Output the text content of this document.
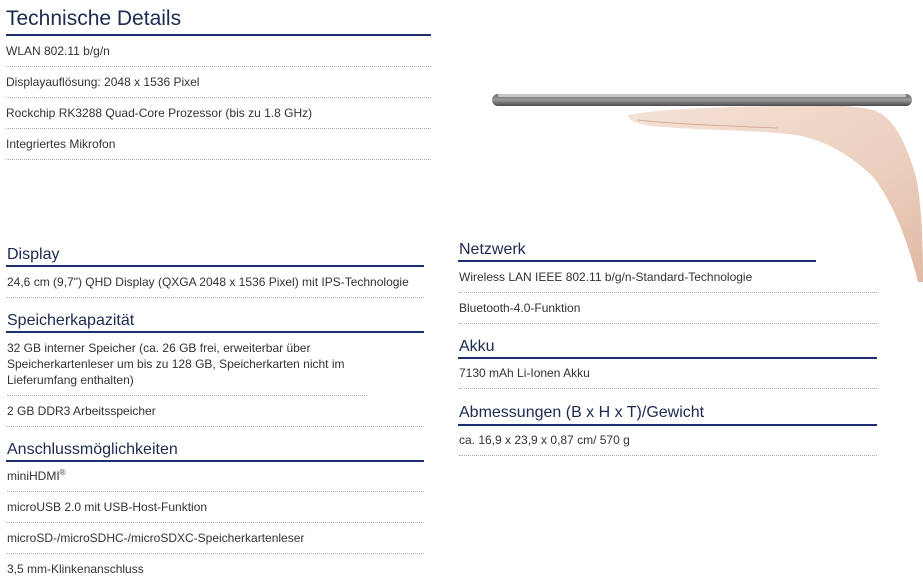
Technische Details
WLAN 802.11 b/g/n
Displayauflösung: 2048 x 1536 Pixel
Rockchip RK3288 Quad-Core Prozessor (bis zu 1.8 GHz)
Integriertes Mikrofon
Display
24,6 cm (9,7") QHD Display (QXGA 2048 x 1536 Pixel) mit IPS-Technologie
Speicherkapazität
32 GB interner Speicher (ca. 26 GB frei, erweiterbar über Speicherkartenleser um bis zu 128 GB, Speicherkarten nicht im Lieferumfang enthalten)
2 GB DDR3 Arbeitsspeicher
Anschlussmöglichkeiten
miniHDMI®
microUSB 2.0 mit USB-Host-Funktion
microSD-/microSDHC-/microSDXC-Speicherkartenleser
3,5 mm-Klinkenanschluss
Netzwerk
Wireless LAN IEEE 802.11 b/g/n-Standard-Technologie
Bluetooth-4.0-Funktion
Akku
7130 mAh Li-Ionen Akku
Abmessungen (B x H x T)/Gewicht
ca. 16,9 x 23,9 x 0,87 cm/ 570 g
